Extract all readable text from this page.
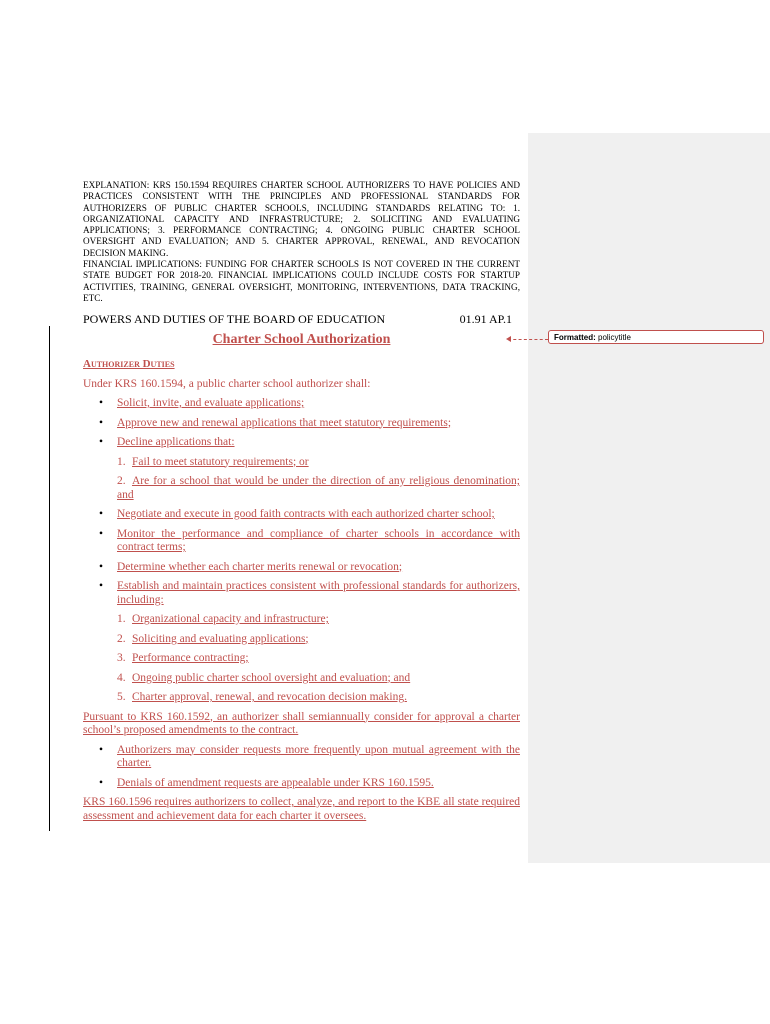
Formatted: policytitle

EXPLANATION: KRS 150.1594 REQUIRES CHARTER SCHOOL AUTHORIZERS TO HAVE POLICIES AND PRACTICES CONSISTENT WITH THE PRINCIPLES AND PROFESSIONAL STANDARDS FOR AUTHORIZERS OF PUBLIC CHARTER SCHOOLS, INCLUDING STANDARDS RELATING TO: 1. ORGANIZATIONAL CAPACITY AND INFRASTRUCTURE; 2. SOLICITING AND EVALUATING APPLICATIONS; 3. PERFORMANCE CONTRACTING; 4. ONGOING PUBLIC CHARTER SCHOOL OVERSIGHT AND EVALUATION; AND 5. CHARTER APPROVAL, RENEWAL, AND REVOCATION DECISION MAKING.

FINANCIAL IMPLICATIONS: FUNDING FOR CHARTER SCHOOLS IS NOT COVERED IN THE CURRENT STATE BUDGET FOR 2018-20. FINANCIAL IMPLICATIONS COULD INCLUDE COSTS FOR STARTUP ACTIVITIES, TRAINING, GENERAL OVERSIGHT, MONITORING, INTERVENTIONS, DATA TRACKING, ETC.

POWERS AND DUTIES OF THE BOARD OF EDUCATION	01.91 AP.1
Charter School Authorization
Authorizer Duties
Under KRS 160.1594, a public charter school authorizer shall:
• Solicit, invite, and evaluate applications;
• Approve new and renewal applications that meet statutory requirements;
• Decline applications that:
1. Fail to meet statutory requirements; or
2. Are for a school that would be under the direction of any religious denomination; and
• Negotiate and execute in good faith contracts with each authorized charter school;
• Monitor the performance and compliance of charter schools in accordance with contract terms;
• Determine whether each charter merits renewal or revocation;
• Establish and maintain practices consistent with professional standards for authorizers, including:
1. Organizational capacity and infrastructure;
2. Soliciting and evaluating applications;
3. Performance contracting;
4. Ongoing public charter school oversight and evaluation; and
5. Charter approval, renewal, and revocation decision making.
Pursuant to KRS 160.1592, an authorizer shall semiannually consider for approval a charter school’s proposed amendments to the contract.
• Authorizers may consider requests more frequently upon mutual agreement with the charter.
• Denials of amendment requests are appealable under KRS 160.1595.
KRS 160.1596 requires authorizers to collect, analyze, and report to the KBE all state required assessment and achievement data for each charter it oversees.
